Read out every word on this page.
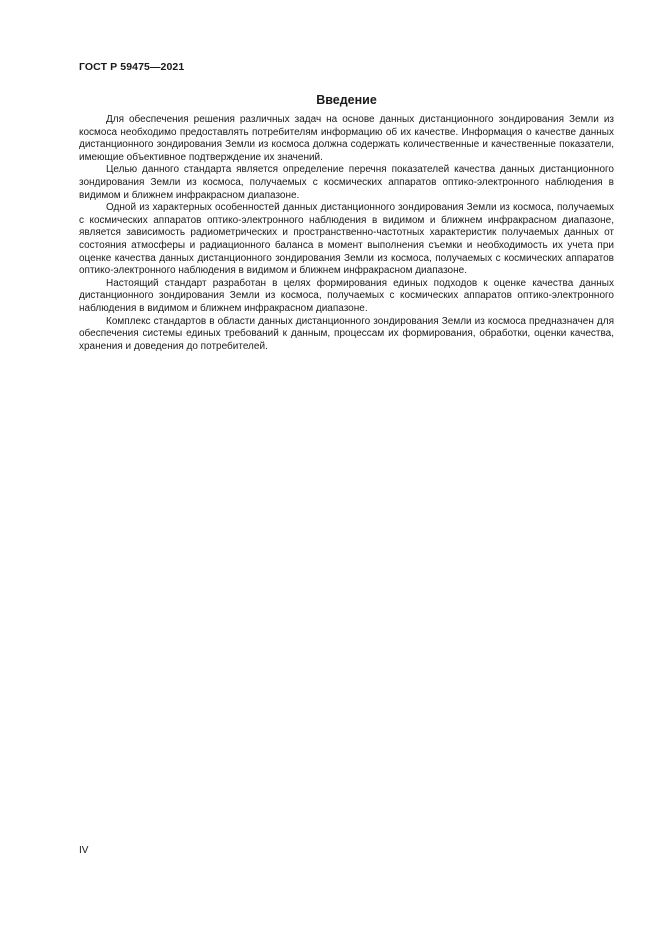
ГОСТ Р 59475—2021
Введение

Для обеспечения решения различных задач на основе данных дистанционного зондирования Земли из космоса необходимо предоставлять потребителям информацию об их качестве. Информация о качестве данных дистанционного зондирования Земли из космоса должна содержать количественные и качественные показатели, имеющие объективное подтверждение их значений.

Целью данного стандарта является определение перечня показателей качества данных дистанционного зондирования Земли из космоса, получаемых с космических аппаратов оптико-электронного наблюдения в видимом и ближнем инфракрасном диапазоне.

Одной из характерных особенностей данных дистанционного зондирования Земли из космоса, получаемых с космических аппаратов оптико-электронного наблюдения в видимом и ближнем инфракрасном диапазоне, является зависимость радиометрических и пространственно-частотных характеристик получаемых данных от состояния атмосферы и радиационного баланса в момент выполнения съемки и необходимость их учета при оценке качества данных дистанционного зондирования Земли из космоса, получаемых с космических аппаратов оптико-электронного наблюдения в видимом и ближнем инфракрасном диапазоне.

Настоящий стандарт разработан в целях формирования единых подходов к оценке качества данных дистанционного зондирования Земли из космоса, получаемых с космических аппаратов оптико-электронного наблюдения в видимом и ближнем инфракрасном диапазоне.

Комплекс стандартов в области данных дистанционного зондирования Земли из космоса предназначен для обеспечения системы единых требований к данным, процессам их формирования, обработки, оценки качества, хранения и доведения до потребителей.

IV
